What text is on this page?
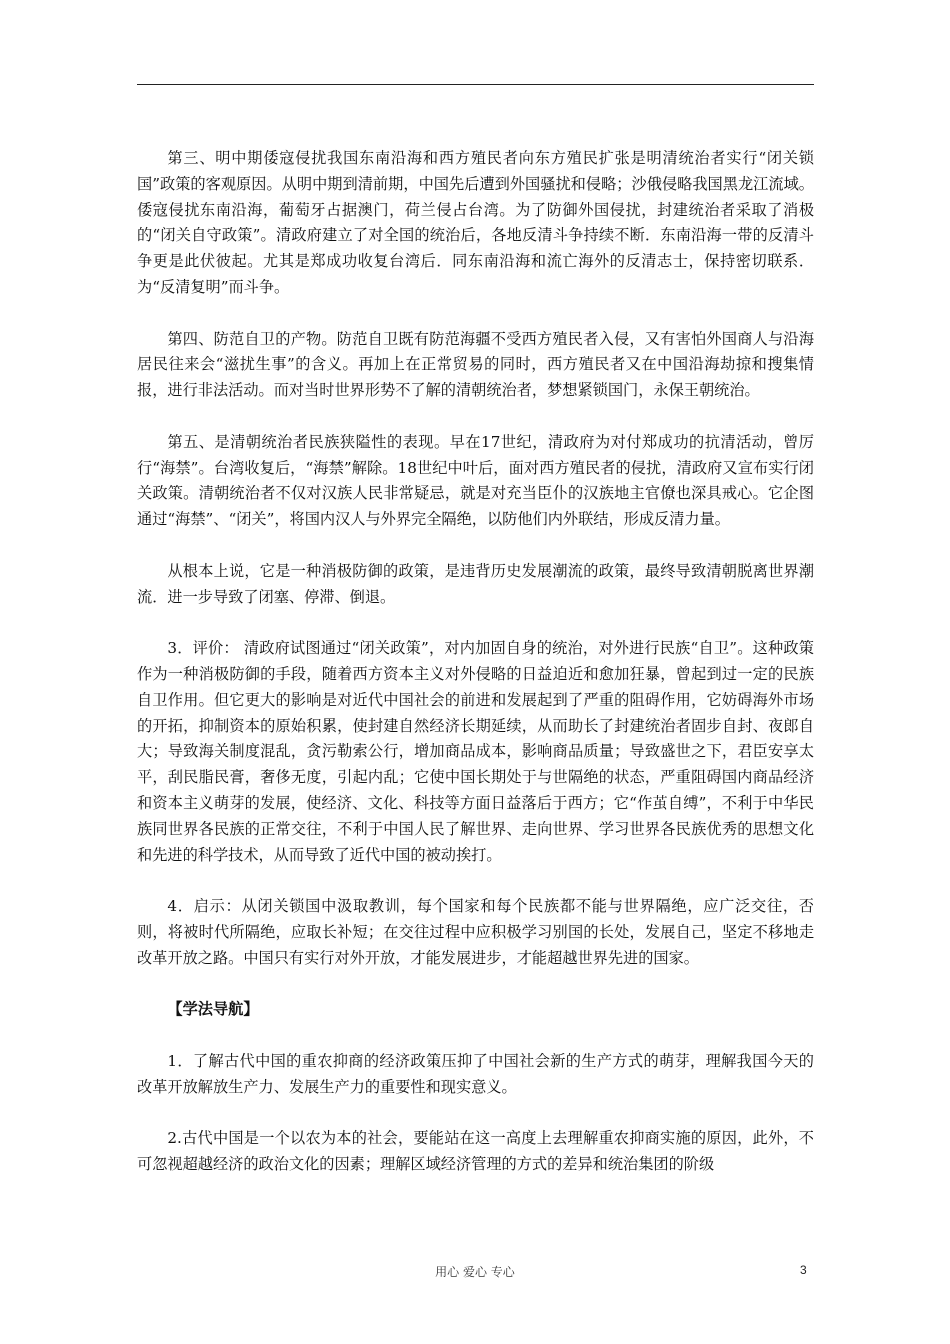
第三、明中期倭寇侵扰我国东南沿海和西方殖民者向东方殖民扩张是明清统治者实行“闭关锁国”政策的客观原因。从明中期到清前期，中国先后遭到外国骚扰和侵略；沙俄侵略我国黑龙江流域。倭寇侵扰东南沿海，葡萄牙占据澳门，荷兰侵占台湾。为了防御外国侵扰，封建统治者采取了消极的“闭关自守政策”。清政府建立了对全国的统治后，各地反清斗争持续不断．东南沿海一带的反清斗争更是此伏彼起。尤其是郑成功收复台湾后．同东南沿海和流亡海外的反清志士，保持密切联系．为“反清复明”而斗争。

第四、防范自卫的产物。防范自卫既有防范海疆不受西方殖民者入侵，又有害怕外国商人与沿海居民往来会“滋扰生事”的含义。再加上在正常贸易的同时，西方殖民者又在中国沿海劫掠和搜集情报，进行非法活动。而对当时世界形势不了解的清朝统治者，梦想紧锁国门，永保王朝统治。

第五、是清朝统治者民族狭隘性的表现。早在17世纪，清政府为对付郑成功的抗清活动，曾厉行“海禁”。台湾收复后，“海禁”解除。18世纪中叶后，面对西方殖民者的侵扰，清政府又宣布实行闭关政策。清朝统治者不仅对汉族人民非常疑忌，就是对充当臣仆的汉族地主官僚也深具戒心。它企图通过“海禁”、“闭关”，将国内汉人与外界完全隔绝，以防他们内外联结，形成反清力量。

从根本上说，它是一种消极防御的政策，是违背历史发展潮流的政策，最终导致清朝脱离世界潮流．进一步导致了闭塞、停滞、倒退。

3．评价： 清政府试图通过“闭关政策”，对内加固自身的统治，对外进行民族“自卫”。这种政策作为一种消极防御的手段，随着西方资本主义对外侵略的日益迫近和愈加狂暴，曾起到过一定的民族自卫作用。但它更大的影响是对近代中国社会的前进和发展起到了严重的阻碍作用，它妨碍海外市场的开拓，抑制资本的原始积累，使封建自然经济长期延续，从而助长了封建统治者固步自封、夜郎自大；导致海关制度混乱，贪污勒索公行，增加商品成本，影响商品质量；导致盛世之下，君臣安享太平，刮民脂民膏，奢侈无度，引起内乱；它使中国长期处于与世隔绝的状态，严重阻碍国内商品经济和资本主义萌芽的发展，使经济、文化、科技等方面日益落后于西方；它“作茧自缚”，不利于中华民族同世界各民族的正常交往，不利于中国人民了解世界、走向世界、学习世界各民族优秀的思想文化和先进的科学技术，从而导致了近代中国的被动挨打。

4．启示：从闭关锁国中汲取教训，每个国家和每个民族都不能与世界隔绝，应广泛交往，否则，将被时代所隔绝，应取长补短；在交往过程中应积极学习别国的长处，发展自己，坚定不移地走改革开放之路。中国只有实行对外开放，才能发展进步，才能超越世界先进的国家。

【学法导航】

1．了解古代中国的重农抑商的经济政策压抑了中国社会新的生产方式的萌芽，理解我国今天的改革开放解放生产力、发展生产力的重要性和现实意义。

2.古代中国是一个以农为本的社会，要能站在这一高度上去理解重农抑商实施的原因，此外，不可忽视超越经济的政治文化的因素；理解区域经济管理的方式的差异和统治集团的阶级

用心 爱心 专心	3
